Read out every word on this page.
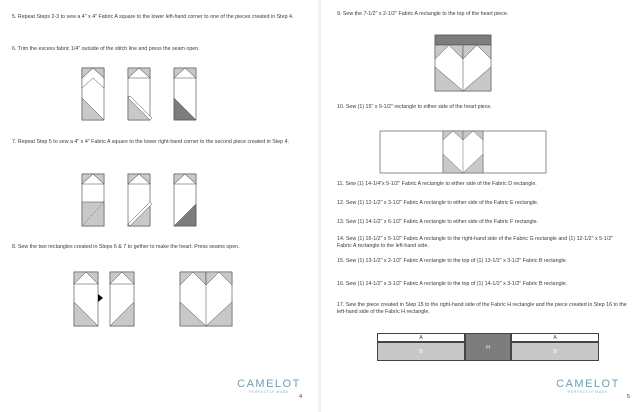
5. Repeat Steps 2-3 to sew a 4" x 4" Fabric A square to the lower left-hand corner to one of the pieces created in Step 4.

6. Trim the excess fabric 1/4" outside of the stitch line and press the seam open.

7. Repeat Step 5 to sew a 4" x 4" Fabric A square to the lower right-hand corner to the second piece created in Step 4.

8. Sew the two rectangles created in Steps 6 & 7 to gether to make the heart. Press seams open.

CAMELOT
PERFECTLY MADE
4

9. Sew the 7-1/2" x 2-1/2" Fabric A rectangle to the top of the heart piece.

10. Sew (1) 15" x 9-1/2" rectangle to either side of the heart piece.

11. Sew (1) 14-1/4"x 5-1/2" Fabric A rectangle to either side of the Fabric D rectangle.

12. Sew (1) 12-1/2" x 3-1/2" Fabric A rectangle to either side of the Fabric E rectangle.

13. Sew (1) 14-1/2" x 6-1/2" Fabric A rectangle to either side of the Fabric F rectangle.

14. Sew (1) 16-1/2" x 5-1/2" Fabric A rectangle to the right-hand side of the Fabric G rectangle and (1) 12-1/2" x 5-1/2" Fabric A rectangle to the left-hand side.

15. Sew (1) 13-1/2" x 2-1/2" Fabric A rectangle to the top of (1) 13-1/2" x 3-1/2" Fabric B rectangle.

16. Sew (1) 14-1/2" x 3-1/2" Fabric A rectangle to the top of (1) 14-1/2" x 3-1/2" Fabric B rectangle.

17. Sew the piece created in Step 15 to the right-hand side of the Fabric H rectangle and the piece created in Step 16 to the left-hand side of the Fabric H rectangle.

A
B
H
A
B
CAMELOT
PERFECTLY MADE
5
